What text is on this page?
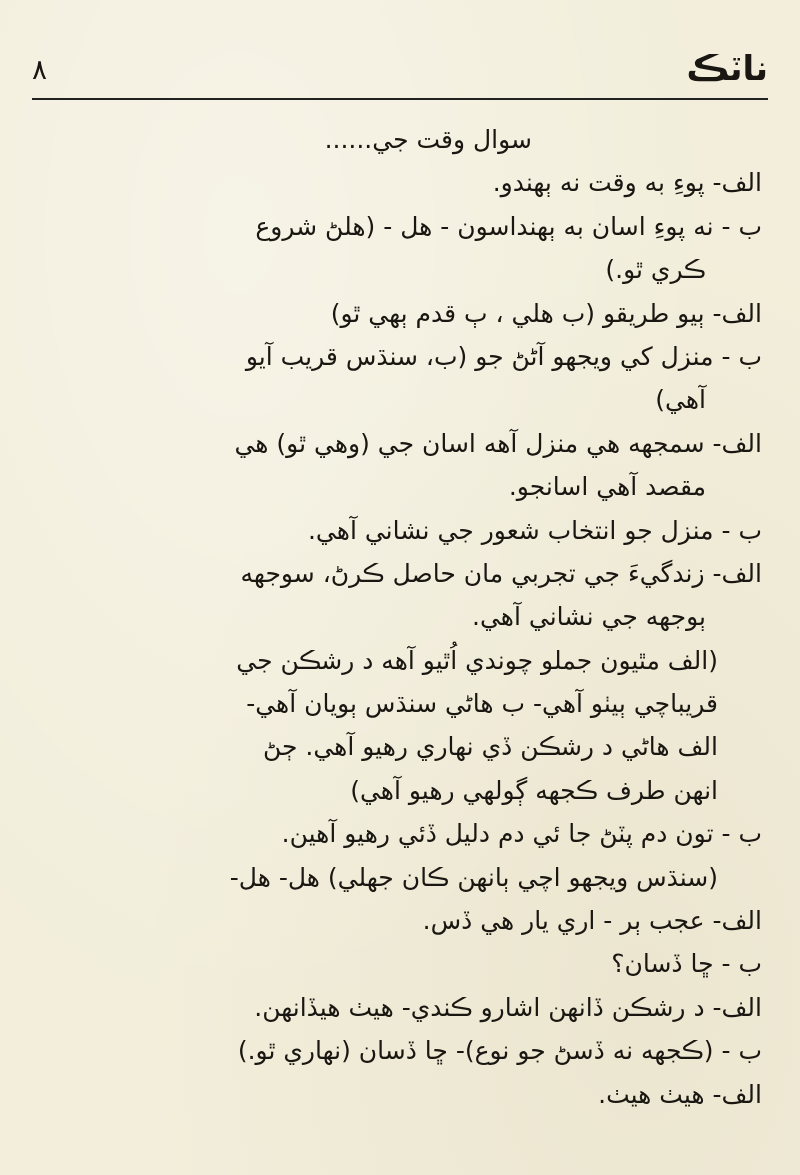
ناٽڪ
٨
سوال وقت جي......
الف- پوءِ به وقت نه ٻهندو.
ب - نه پوءِ اسان به ٻهنداسون - هل - (هلڻ شروع
ڪري ٿو.)
الف- ٻيو طريقو (ب هلي ، ٻ قدم ٻهي ٿو)
ب - منزل کي ويجهو آڻڻ جو (ب، سنڌس قريب آيو
آهي)
الف- سمجهه هي منزل آهه اسان جي (وهي ٿو) هي
مقصد آهي اسانجو.
ب - منزل جو انتخاب شعور جي نشاني آهي.
الف- زندگيءَ جي تجربي مان حاصل ڪرڻ، سوجهه
ٻوجهه جي نشاني آهي.
(الف مٿيون جملو چوندي اُٿيو آهه د رشڪن جي
قريباچي ٻيٺو آهي- ب هاڻي سنڌس ٻويان آهي-
الف هاڻي د رشڪن ڏي نهاري رهيو آهي. ڄڻ
انهن طرف ڪجهه ڳولهي رهيو آهي)
ب - تون دم پٽڻ جا ئي دم دليل ڏئي رهيو آهين.
(سنڌس ويجهو اچي ٻانهن ڪان جهلي) هل- هل-
الف- عجب ٻر - اري يار هي ڏس.
ب - ڇا ڏسان؟
الف- د رشڪن ڏانهن اشارو ڪندي- هيٺ هيڏانهن.
ب - (ڪجهه نه ڏسڻ جو نوع)- ڇا ڏسان (نهاري ٿو.)
الف- هيٺ هيٺ.
